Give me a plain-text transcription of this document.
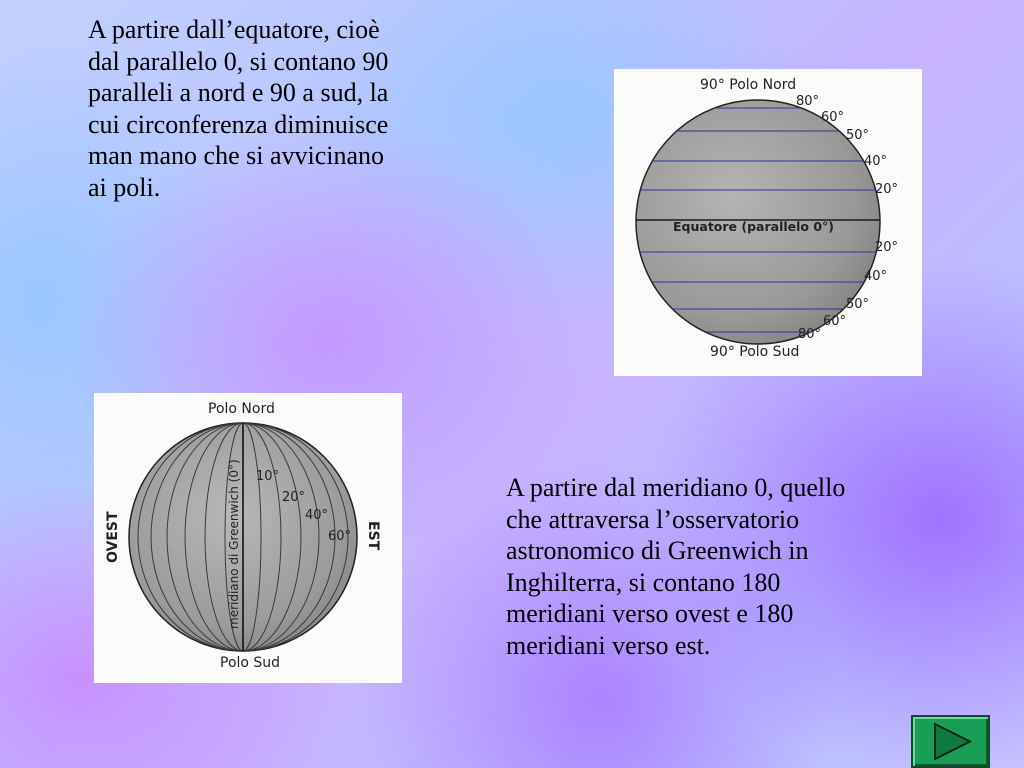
A partire dall’equatore, cioè
dal parallelo 0, si contano 90
paralleli a nord e 90 a sud, la
cui circonferenza diminuisce
man mano che si avvicinano
ai poli.
90° Polo Nord
90° Polo Sud
Equatore (parallelo 0°)
80°
60°
50°
40°
20°
20°
40°
50°
60°
80°
Polo Nord
Polo Sud
OVEST	EST
meridiano di Greenwich (0°) 10°
20°
40°
60°
A partire dal meridiano 0, quello
che attraversa l’osservatorio
astronomico di Greenwich in
Inghilterra, si contano 180
meridiani verso ovest e 180
meridiani verso est.
